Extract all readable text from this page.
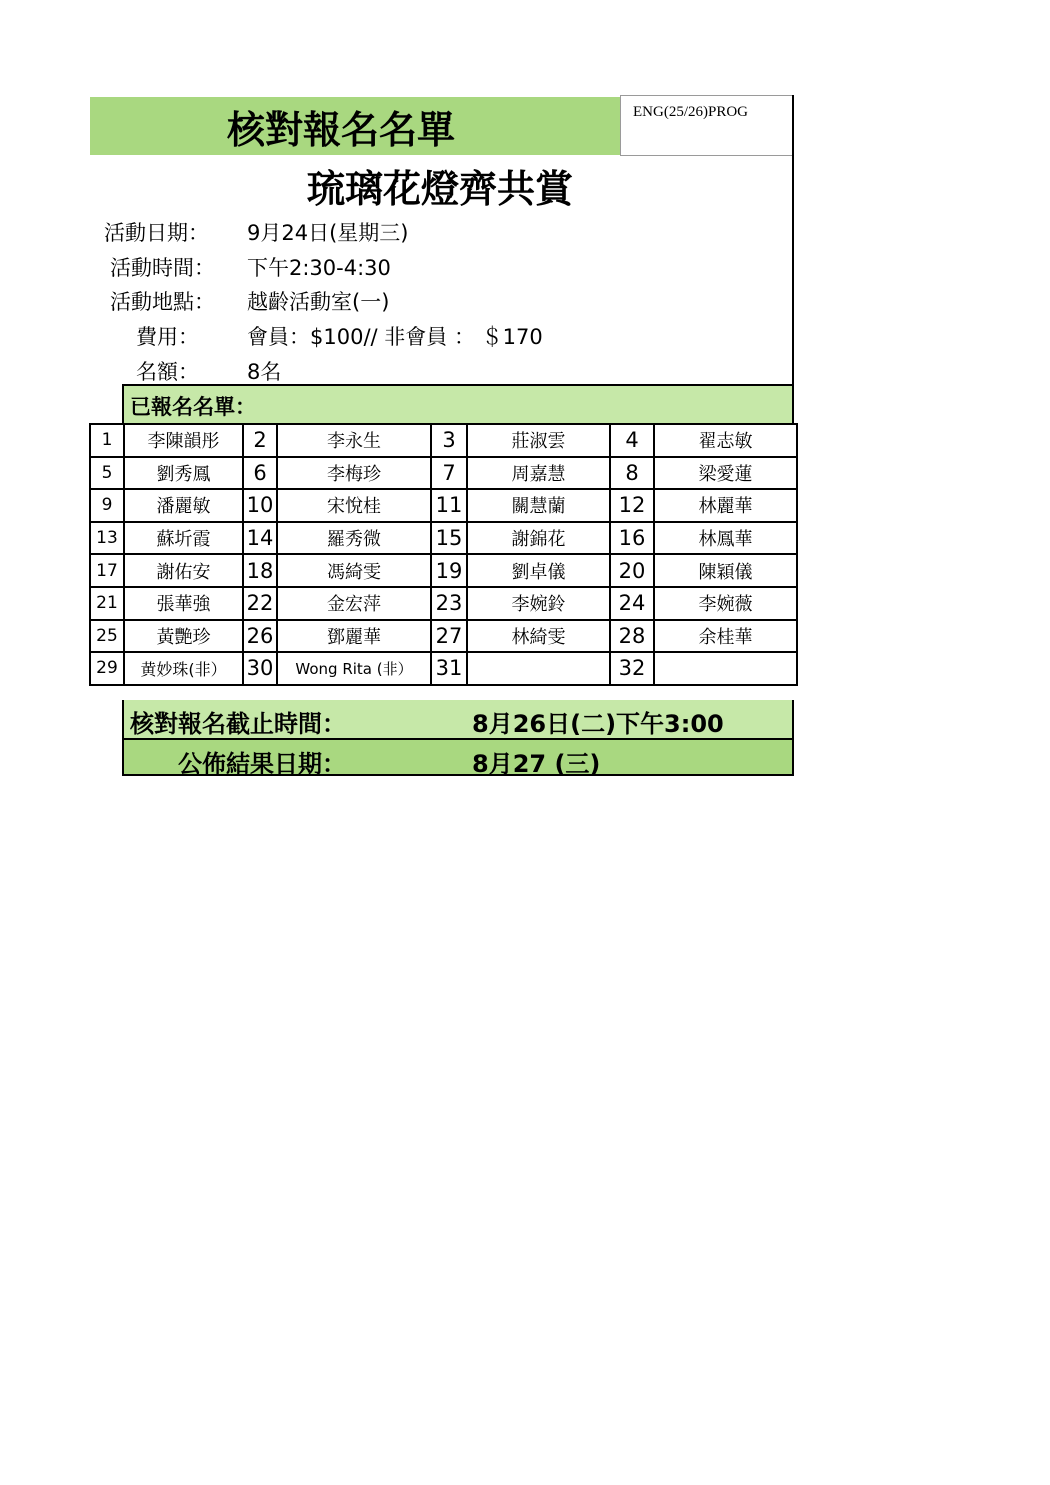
核對報名名單	ENG(25/26)PROG
琉璃花燈齊共賞
活動日期： 9月24日(星期三)
活動時間： 下午2:30-4:30
活動地點： 越齡活動室(一)
費用： 會員：$100// 非會員 ： ＄170
名額： 8名
已報名名單：
1	李陳韻彤	2	李永生	3	莊淑雲	4	翟志敏
5	劉秀鳳	6	李梅珍	7	周嘉慧	8	梁愛蓮
9	潘麗敏	10	宋悅桂	11	關慧蘭	12	林麗華
13	蘇圻霞	14	羅秀微	15	謝錦花	16	林鳳華
17	謝佑安	18	馮綺雯	19	劉卓儀	20	陳穎儀
21	張華強	22	金宏萍	23	李婉鈴	24	李婉薇
25	黃艷珍	26	鄧麗華	27	林綺雯	28	余桂華
29	黄妙珠(非）	30	Wong Rita (非）	31		32	
核對報名截止時間：	8月26日(二)下午3:00
公佈結果日期：	8月27 (三)
